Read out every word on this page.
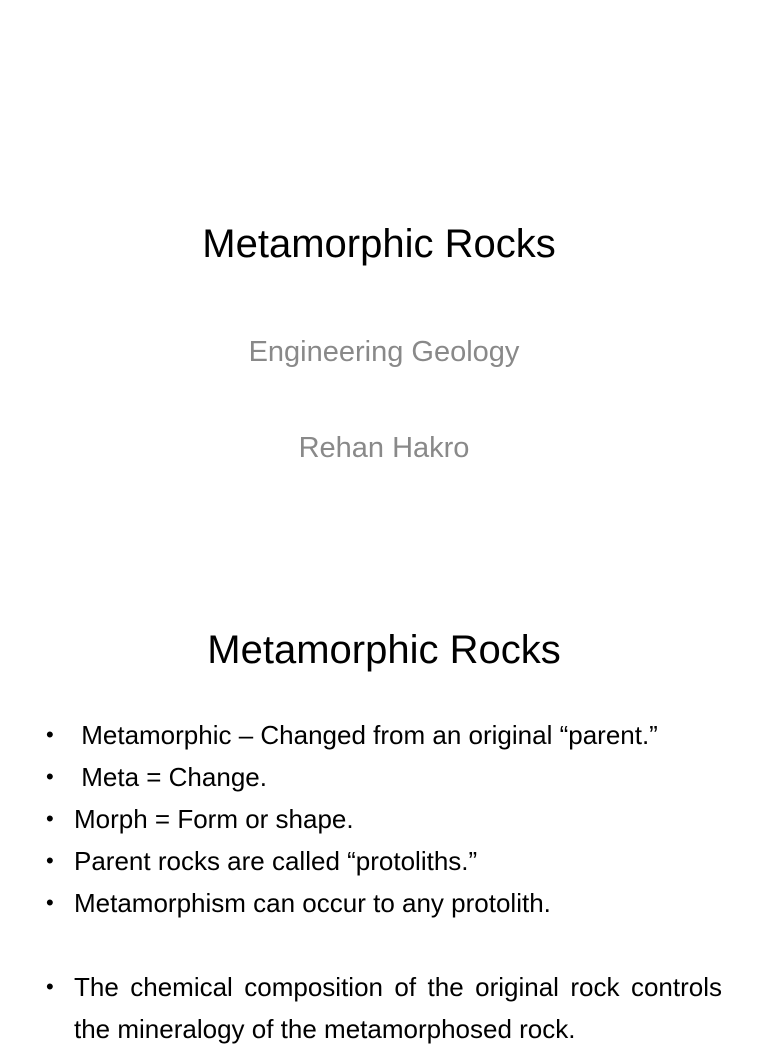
Metamorphic Rocks

Engineering Geology

Rehan Hakro

Metamorphic Rocks
• Metamorphic – Changed from an original “parent.”
• Meta = Change.
• Morph = Form or shape.
• Parent rocks are called “protoliths.”
• Metamorphism can occur to any protolith.
• The chemical composition of the original rock controls the mineralogy of the metamorphosed rock.
